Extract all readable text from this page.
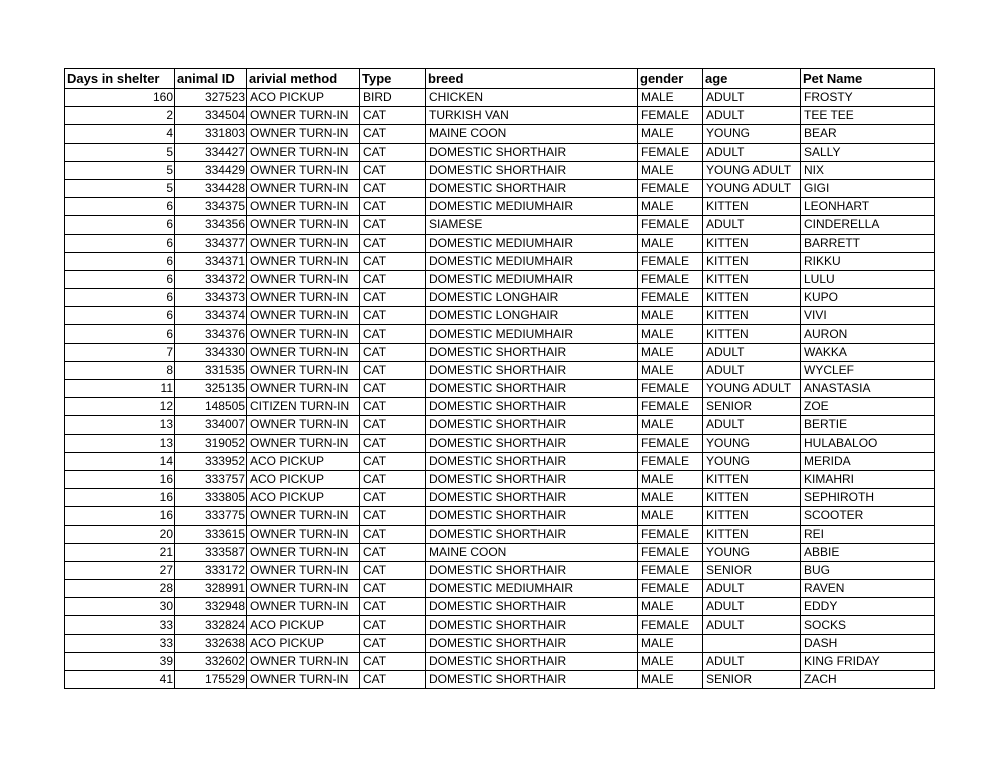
Days in shelter	animal ID	arivial method	Type	breed	gender	age	Pet Name
160	327523	ACO PICKUP	BIRD	CHICKEN	MALE	ADULT	FROSTY
2	334504	OWNER TURN-IN	CAT	TURKISH VAN	FEMALE	ADULT	TEE TEE
4	331803	OWNER TURN-IN	CAT	MAINE COON	MALE	YOUNG	BEAR
5	334427	OWNER TURN-IN	CAT	DOMESTIC SHORTHAIR	FEMALE	ADULT	SALLY
5	334429	OWNER TURN-IN	CAT	DOMESTIC SHORTHAIR	MALE	YOUNG ADULT	NIX
5	334428	OWNER TURN-IN	CAT	DOMESTIC SHORTHAIR	FEMALE	YOUNG ADULT	GIGI
6	334375	OWNER TURN-IN	CAT	DOMESTIC MEDIUMHAIR	MALE	KITTEN	LEONHART
6	334356	OWNER TURN-IN	CAT	SIAMESE	FEMALE	ADULT	CINDERELLA
6	334377	OWNER TURN-IN	CAT	DOMESTIC MEDIUMHAIR	MALE	KITTEN	BARRETT
6	334371	OWNER TURN-IN	CAT	DOMESTIC MEDIUMHAIR	FEMALE	KITTEN	RIKKU
6	334372	OWNER TURN-IN	CAT	DOMESTIC MEDIUMHAIR	FEMALE	KITTEN	LULU
6	334373	OWNER TURN-IN	CAT	DOMESTIC LONGHAIR	FEMALE	KITTEN	KUPO
6	334374	OWNER TURN-IN	CAT	DOMESTIC LONGHAIR	MALE	KITTEN	VIVI
6	334376	OWNER TURN-IN	CAT	DOMESTIC MEDIUMHAIR	MALE	KITTEN	AURON
7	334330	OWNER TURN-IN	CAT	DOMESTIC SHORTHAIR	MALE	ADULT	WAKKA
8	331535	OWNER TURN-IN	CAT	DOMESTIC SHORTHAIR	MALE	ADULT	WYCLEF
11	325135	OWNER TURN-IN	CAT	DOMESTIC SHORTHAIR	FEMALE	YOUNG ADULT	ANASTASIA
12	148505	CITIZEN TURN-IN	CAT	DOMESTIC SHORTHAIR	FEMALE	SENIOR	ZOE
13	334007	OWNER TURN-IN	CAT	DOMESTIC SHORTHAIR	MALE	ADULT	BERTIE
13	319052	OWNER TURN-IN	CAT	DOMESTIC SHORTHAIR	FEMALE	YOUNG	HULABALOO
14	333952	ACO PICKUP	CAT	DOMESTIC SHORTHAIR	FEMALE	YOUNG	MERIDA
16	333757	ACO PICKUP	CAT	DOMESTIC SHORTHAIR	MALE	KITTEN	KIMAHRI
16	333805	ACO PICKUP	CAT	DOMESTIC SHORTHAIR	MALE	KITTEN	SEPHIROTH
16	333775	OWNER TURN-IN	CAT	DOMESTIC SHORTHAIR	MALE	KITTEN	SCOOTER
20	333615	OWNER TURN-IN	CAT	DOMESTIC SHORTHAIR	FEMALE	KITTEN	REI
21	333587	OWNER TURN-IN	CAT	MAINE COON	FEMALE	YOUNG	ABBIE
27	333172	OWNER TURN-IN	CAT	DOMESTIC SHORTHAIR	FEMALE	SENIOR	BUG
28	328991	OWNER TURN-IN	CAT	DOMESTIC MEDIUMHAIR	FEMALE	ADULT	RAVEN
30	332948	OWNER TURN-IN	CAT	DOMESTIC SHORTHAIR	MALE	ADULT	EDDY
33	332824	ACO PICKUP	CAT	DOMESTIC SHORTHAIR	FEMALE	ADULT	SOCKS
33	332638	ACO PICKUP	CAT	DOMESTIC SHORTHAIR	MALE		DASH
39	332602	OWNER TURN-IN	CAT	DOMESTIC SHORTHAIR	MALE	ADULT	KING FRIDAY
41	175529	OWNER TURN-IN	CAT	DOMESTIC SHORTHAIR	MALE	SENIOR	ZACH
